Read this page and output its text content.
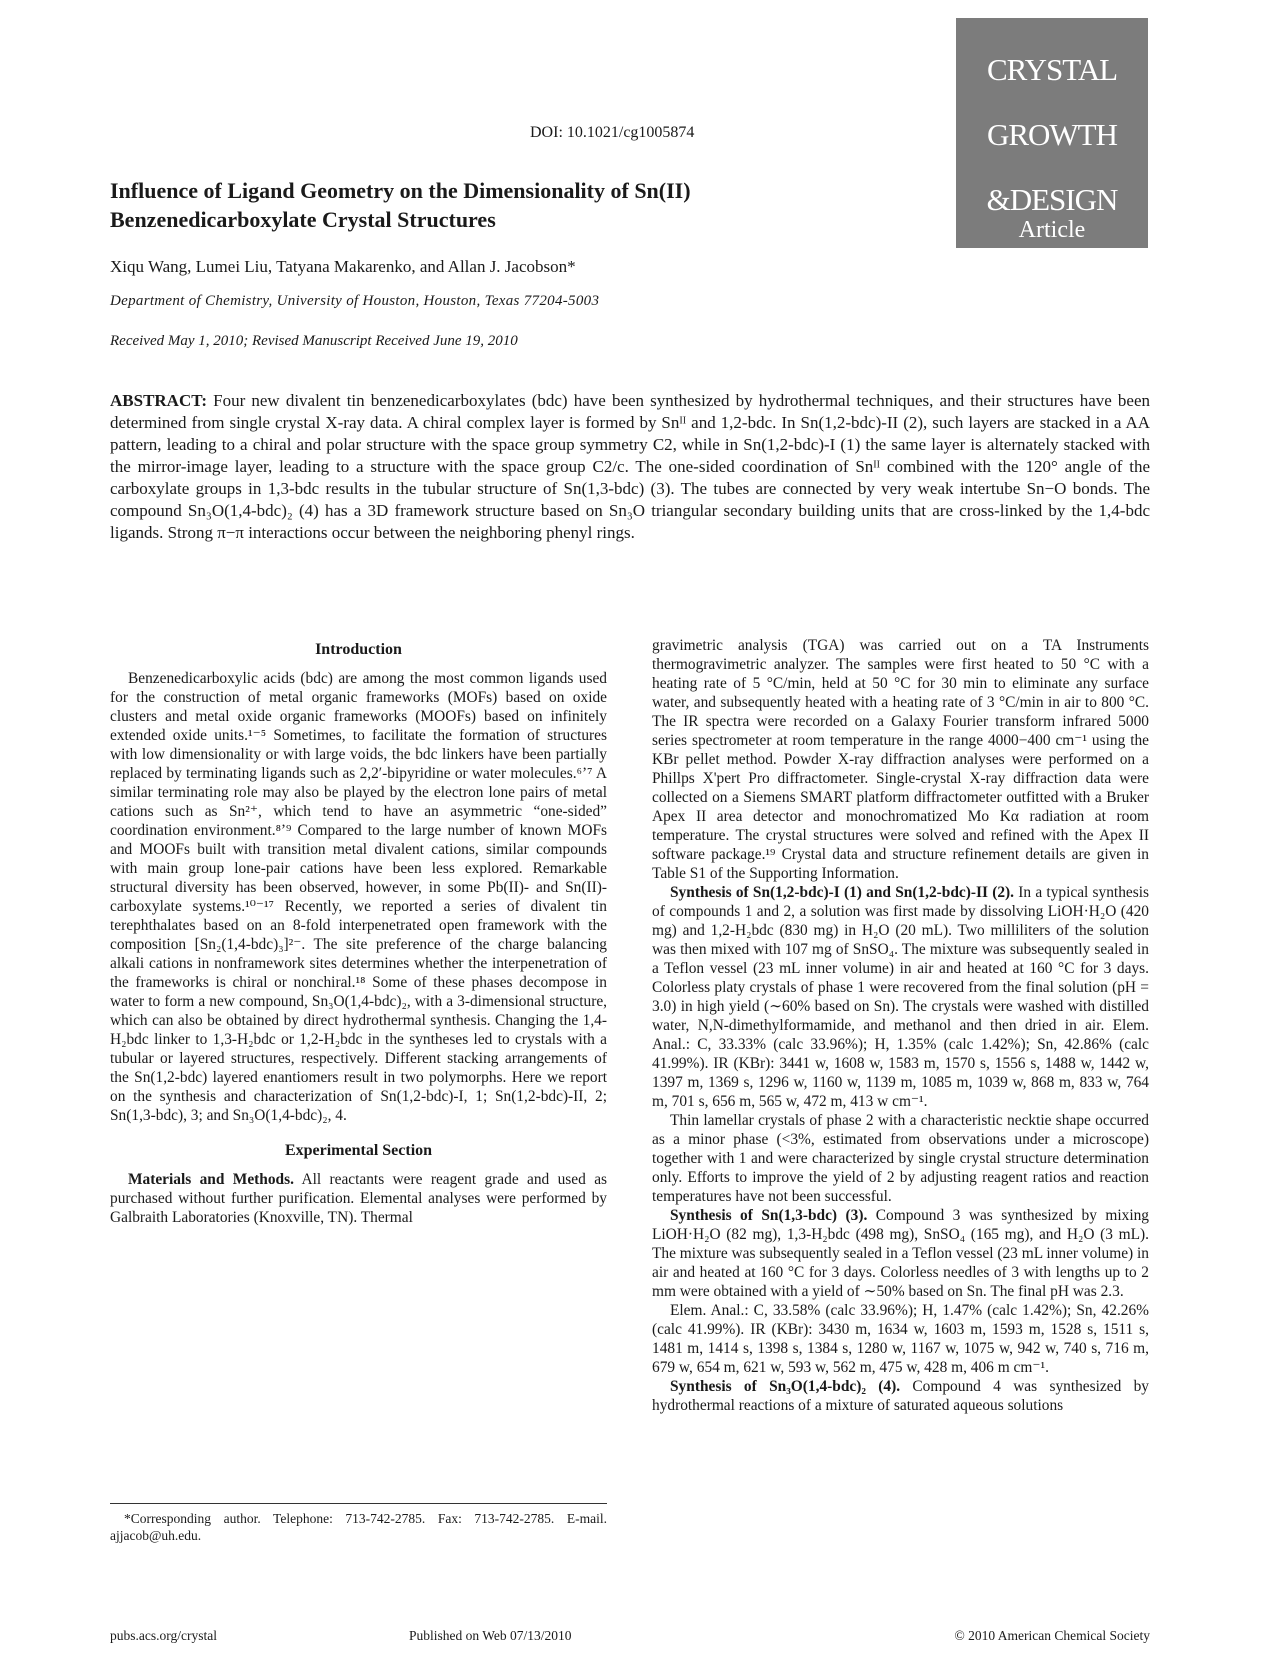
DOI: 10.1021/cg1005874
CRYSTAL
GROWTH
&DESIGN
Article
2010, Vol. 10
3752–3756
Influence of Ligand Geometry on the Dimensionality of Sn(II) Benzenedicarboxylate Crystal Structures
Xiqu Wang, Lumei Liu, Tatyana Makarenko, and Allan J. Jacobson*
Department of Chemistry, University of Houston, Houston, Texas 77204-5003
Received May 1, 2010; Revised Manuscript Received June 19, 2010
ABSTRACT: Four new divalent tin benzenedicarboxylates (bdc) have been synthesized by hydrothermal techniques, and their structures have been determined from single crystal X-ray data. A chiral complex layer is formed by Snᴵᴵ and 1,2-bdc. In Sn(1,2-bdc)-II (2), such layers are stacked in a AA pattern, leading to a chiral and polar structure with the space group symmetry C2, while in Sn(1,2-bdc)-I (1) the same layer is alternately stacked with the mirror-image layer, leading to a structure with the space group C2/c. The one-sided coordination of Snᴵᴵ combined with the 120° angle of the carboxylate groups in 1,3-bdc results in the tubular structure of Sn(1,3-bdc) (3). The tubes are connected by very weak intertube Sn−O bonds. The compound Sn₃O(1,4-bdc)₂ (4) has a 3D framework structure based on Sn₃O triangular secondary building units that are cross-linked by the 1,4-bdc ligands. Strong π−π interactions occur between the neighboring phenyl rings.
Introduction

Benzenedicarboxylic acids (bdc) are among the most common ligands used for the construction of metal organic frameworks (MOFs) based on oxide clusters and metal oxide organic frameworks (MOOFs) based on infinitely extended oxide units.¹⁻⁵ Sometimes, to facilitate the formation of structures with low dimensionality or with large voids, the bdc linkers have been partially replaced by terminating ligands such as 2,2′-bipyridine or water molecules.⁶ʼ⁷ A similar terminating role may also be played by the electron lone pairs of metal cations such as Sn²⁺, which tend to have an asymmetric “one-sided” coordination environment.⁸ʼ⁹ Compared to the large number of known MOFs and MOOFs built with transition metal divalent cations, similar compounds with main group lone-pair cations have been less explored. Remarkable structural diversity has been observed, however, in some Pb(II)- and Sn(II)-carboxylate systems.¹⁰⁻¹⁷ Recently, we reported a series of divalent tin terephthalates based on an 8-fold interpenetrated open framework with the composition [Sn₂(1,4-bdc)₃]²⁻. The site preference of the charge balancing alkali cations in nonframework sites determines whether the interpenetration of the frameworks is chiral or nonchiral.¹⁸ Some of these phases decompose in water to form a new compound, Sn₃O(1,4-bdc)₂, with a 3-dimensional structure, which can also be obtained by direct hydrothermal synthesis. Changing the 1,4-H₂bdc linker to 1,3-H₂bdc or 1,2-H₂bdc in the syntheses led to crystals with a tubular or layered structures, respectively. Different stacking arrangements of the Sn(1,2-bdc) layered enantiomers result in two polymorphs. Here we report on the synthesis and characterization of Sn(1,2-bdc)-I, 1; Sn(1,2-bdc)-II, 2; Sn(1,3-bdc), 3; and Sn₃O(1,4-bdc)₂, 4.

Experimental Section

Materials and Methods. All reactants were reagent grade and used as purchased without further purification. Elemental analyses were performed by Galbraith Laboratories (Knoxville, TN). Thermal

gravimetric analysis (TGA) was carried out on a TA Instruments thermogravimetric analyzer. The samples were first heated to 50 °C with a heating rate of 5 °C/min, held at 50 °C for 30 min to eliminate any surface water, and subsequently heated with a heating rate of 3 °C/min in air to 800 °C. The IR spectra were recorded on a Galaxy Fourier transform infrared 5000 series spectrometer at room temperature in the range 4000−400 cm⁻¹ using the KBr pellet method. Powder X-ray diffraction analyses were performed on a Phillps X'pert Pro diffractometer. Single-crystal X-ray diffraction data were collected on a Siemens SMART platform diffractometer outfitted with a Bruker Apex II area detector and monochromatized Mo Kα radiation at room temperature. The crystal structures were solved and refined with the Apex II software package.¹⁹ Crystal data and structure refinement details are given in Table S1 of the Supporting Information.

Synthesis of Sn(1,2-bdc)-I (1) and Sn(1,2-bdc)-II (2). In a typical synthesis of compounds 1 and 2, a solution was first made by dissolving LiOH·H₂O (420 mg) and 1,2-H₂bdc (830 mg) in H₂O (20 mL). Two milliliters of the solution was then mixed with 107 mg of SnSO₄. The mixture was subsequently sealed in a Teflon vessel (23 mL inner volume) in air and heated at 160 °C for 3 days. Colorless platy crystals of phase 1 were recovered from the final solution (pH = 3.0) in high yield (∼60% based on Sn). The crystals were washed with distilled water, N,N-dimethylformamide, and methanol and then dried in air. Elem. Anal.: C, 33.33% (calc 33.96%); H, 1.35% (calc 1.42%); Sn, 42.86% (calc 41.99%). IR (KBr): 3441 w, 1608 w, 1583 m, 1570 s, 1556 s, 1488 w, 1442 w, 1397 m, 1369 s, 1296 w, 1160 w, 1139 m, 1085 m, 1039 w, 868 m, 833 w, 764 m, 701 s, 656 m, 565 w, 472 m, 413 w cm⁻¹.

Thin lamellar crystals of phase 2 with a characteristic necktie shape occurred as a minor phase (<3%, estimated from observations under a microscope) together with 1 and were characterized by single crystal structure determination only. Efforts to improve the yield of 2 by adjusting reagent ratios and reaction temperatures have not been successful.

Synthesis of Sn(1,3-bdc) (3). Compound 3 was synthesized by mixing LiOH·H₂O (82 mg), 1,3-H₂bdc (498 mg), SnSO₄ (165 mg), and H₂O (3 mL). The mixture was subsequently sealed in a Teflon vessel (23 mL inner volume) in air and heated at 160 °C for 3 days. Colorless needles of 3 with lengths up to 2 mm were obtained with a yield of ∼50% based on Sn. The final pH was 2.3.

Elem. Anal.: C, 33.58% (calc 33.96%); H, 1.47% (calc 1.42%); Sn, 42.26% (calc 41.99%). IR (KBr): 3430 m, 1634 w, 1603 m, 1593 m, 1528 s, 1511 s, 1481 m, 1414 s, 1398 s, 1384 s, 1280 w, 1167 w, 1075 w, 942 w, 740 s, 716 m, 679 w, 654 m, 621 w, 593 w, 562 m, 475 w, 428 m, 406 m cm⁻¹.

Synthesis of Sn₃O(1,4-bdc)₂ (4). Compound 4 was synthesized by hydrothermal reactions of a mixture of saturated aqueous solutions

*Corresponding author. Telephone: 713-742-2785. Fax: 713-742-2785. E-mail. ajjacob@uh.edu.
pubs.acs.org/crystal	Published on Web 07/13/2010	© 2010 American Chemical Society
